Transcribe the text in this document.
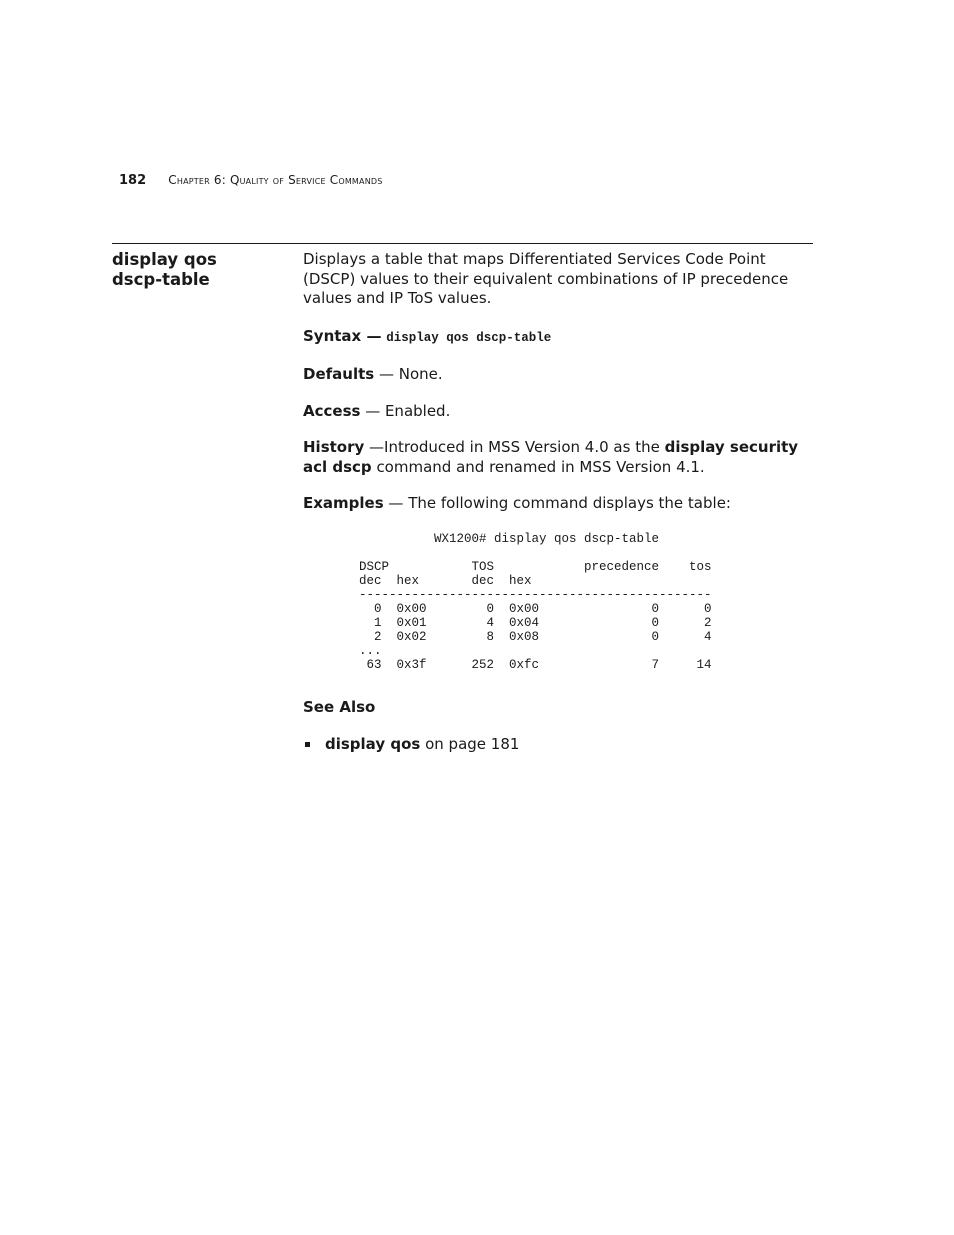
182 Chapter 6: Quality of Service Commands
display qos
dscp-table

Displays a table that maps Differentiated Services Code Point (DSCP) values to their equivalent combinations of IP precedence values and IP ToS values.

Syntax — display qos dscp-table

Defaults — None.

Access — Enabled.

History —Introduced in MSS Version 4.0 as the display security acl dscp command and renamed in MSS Version 4.1.

Examples — The following command displays the table:

WX1200# display qos dscp-table

DSCP           TOS            precedence    tos
dec  hex       dec  hex
-----------------------------------------------
0  0x00        0  0x00               0      0
1  0x01        4  0x04               0      2
2  0x02        8  0x08               0      4
...
63  0x3f      252  0xfc               7     14

See Also

display qos on page 181
